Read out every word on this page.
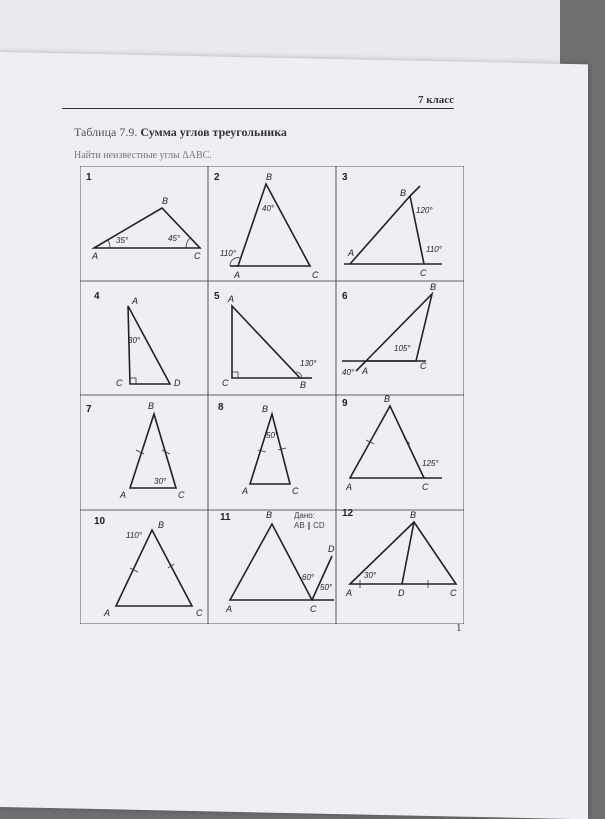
7 класс
Таблица 7.9. Сумма углов треугольника
Найти неизвестные углы ΔABC.
1
A
B
C
35°	45°
2	B
A	C
40°
110°
3
A
B
C
120°
110°
4	A
C	D
30°
5 A
C	B
130°
6
B
A	C
105°
40°
7	B
A	C
30°
8	B
A	C
50°
9	B
A	C
125°
10	B
A	C
110°
11	B
D
A	C
60°
50°
Дано:
AB ∥ CD
12	B
A	D	C
30°
1
